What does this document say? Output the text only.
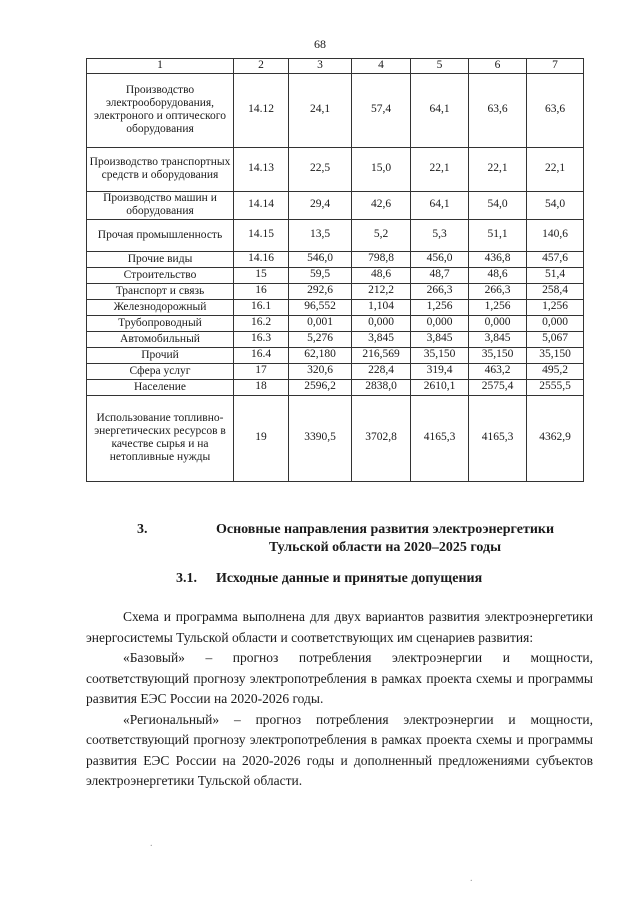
68
1	2	3	4	5	6	7
Производство электрооборудования, электроного и оптического оборудования	14.12	24,1	57,4	64,1	63,6	63,6
Производство транспортных средств и оборудования	14.13	22,5	15,0	22,1	22,1	22,1
Производство машин и оборудования	14.14	29,4	42,6	64,1	54,0	54,0
Прочая промышленность	14.15	13,5	5,2	5,3	51,1	140,6
Прочие виды	14.16	546,0	798,8	456,0	436,8	457,6
Строительство	15	59,5	48,6	48,7	48,6	51,4
Транспорт и связь	16	292,6	212,2	266,3	266,3	258,4
Железнодорожный	16.1	96,552	1,104	1,256	1,256	1,256
Трубопроводный	16.2	0,001	0,000	0,000	0,000	0,000
Автомобильный	16.3	5,276	3,845	3,845	3,845	5,067
Прочий	16.4	62,180	216,569	35,150	35,150	35,150
Сфера услуг	17	320,6	228,4	319,4	463,2	495,2
Население	18	2596,2	2838,0	2610,1	2575,4	2555,5
Использование топливно-энергетических ресурсов в качестве сырья и на нетопливные нужды	19	3390,5	3702,8	4165,3	4165,3	4362,9
3.	Основные направления развития электроэнергетики
Тульской области на 2020–2025 годы
3.1. Исходные данные и принятые допущения

Схема и программа выполнена для двух вариантов развития электроэнергетики энергосистемы Тульской области и соответствующих им сценариев развития:

«Базовый» – прогноз потребления электроэнергии и мощности, соответствующий прогнозу электропотребления в рамках проекта схемы и программы развития ЕЭС России на 2020-2026 годы.

«Региональный» – прогноз потребления электроэнергии и мощности, соответствующий прогнозу электропотребления в рамках проекта схемы и программы развития ЕЭС России на 2020-2026 годы и дополненный предложениями субъектов электроэнергетики Тульской области.

.
.
